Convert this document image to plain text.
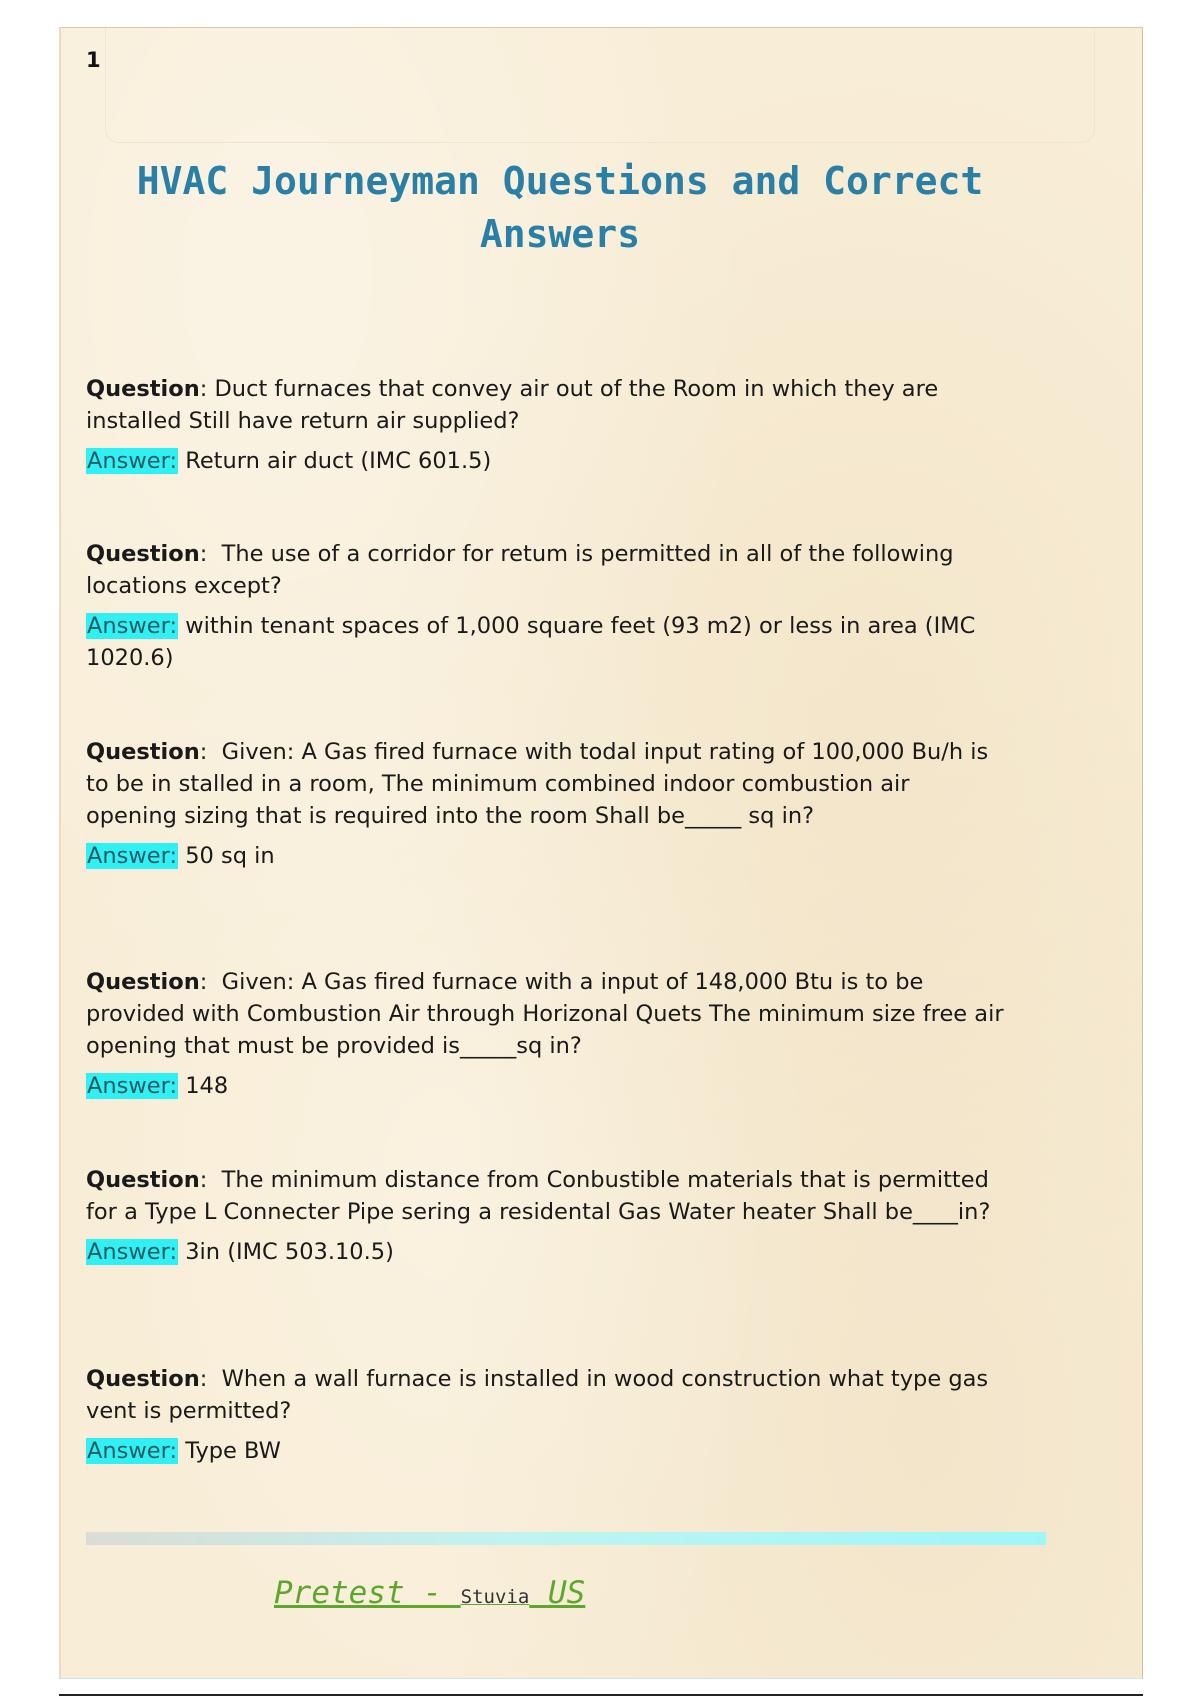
1
HVAC Journeyman Questions and Correct Answers

Question: Duct furnaces that convey air out of the Room in which they are installed Still have return air supplied?

Answer: Return air duct (IMC 601.5)

Question:  The use of a corridor for retum is permitted in all of the following locations except?

Answer: within tenant spaces of 1,000 square feet (93 m2) or less in area (IMC 1020.6)

Question:  Given: A Gas fired furnace with todal input rating of 100,000 Bu/h is to be in stalled in a room, The minimum combined indoor combustion air opening sizing that is required into the room Shall be_____ sq in?

Answer: 50 sq in

Question:  Given: A Gas fired furnace with a input of 148,000 Btu is to be provided with Combustion Air through Horizonal Quets The minimum size free air opening that must be provided is_____sq in?

Answer: 148

Question:  The minimum distance from Conbustible materials that is permitted for a Type L Connecter Pipe sering a residental Gas Water heater Shall be____in?

Answer: 3in (IMC 503.10.5)

Question:  When a wall furnace is installed in wood construction what type gas vent is permitted?

Answer: Type BW

Pretest - Stuvia US
